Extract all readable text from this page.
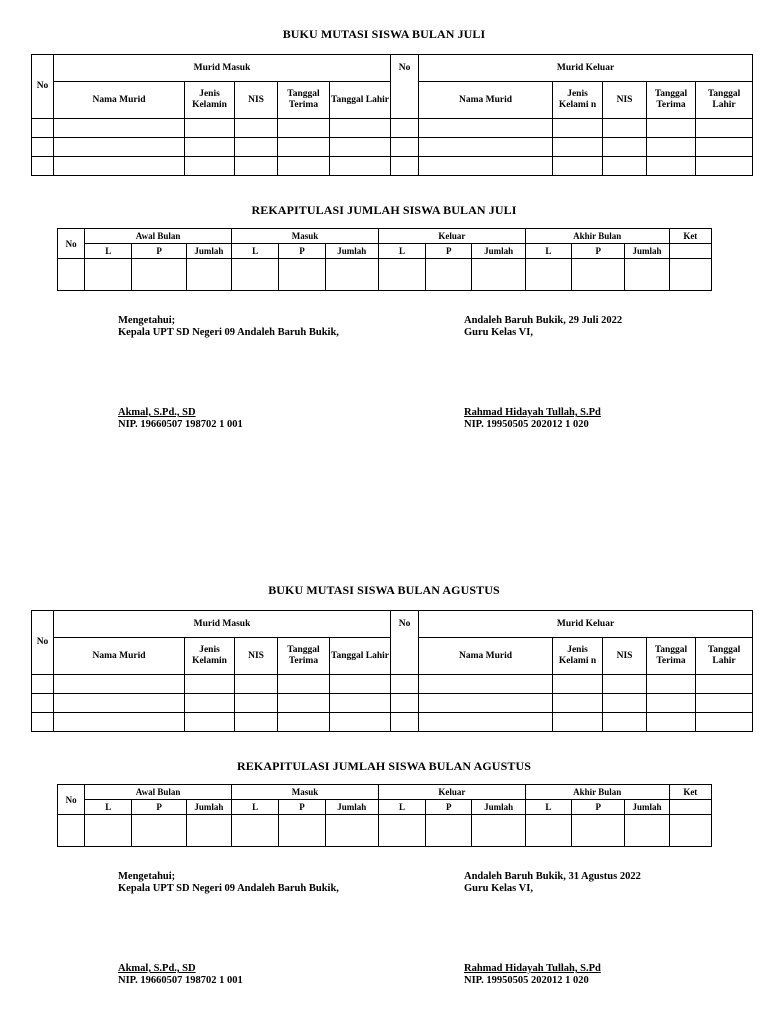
BUKU MUTASI SISWA BULAN JULI
No	Murid Masuk					No	Murid Keluar				
	Nama Murid	Jenis Kelamin	NIS	Tanggal Terima	Tanggal Lahir		Nama Murid	Jenis Kelami n	NIS	Tanggal Terima	Tanggal Lahir

REKAPITULASI JUMLAH SISWA BULAN JULI
No	Awal Bulan			Masuk			Keluar			Akhir Bulan			Ket
	L	P	Jumlah	L	P	Jumlah	L	P	Jumlah	L	P	Jumlah	

Mengetahui;
Kepala UPT SD Negeri 09 Andaleh Baruh Bukik,
Akmal, S.Pd., SD
NIP. 19660507 198702 1 001
Andaleh Baruh Bukik, 29 Juli 2022
Guru Kelas VI,
Rahmad Hidayah Tullah, S.Pd
NIP. 19950505 202012 1 020
BUKU MUTASI SISWA BULAN AGUSTUS
No	Murid Masuk					No	Murid Keluar				
	Nama Murid	Jenis Kelamin	NIS	Tanggal Terima	Tanggal Lahir		Nama Murid	Jenis Kelami n	NIS	Tanggal Terima	Tanggal Lahir

REKAPITULASI JUMLAH SISWA BULAN AGUSTUS
No	Awal Bulan			Masuk			Keluar			Akhir Bulan			Ket
	L	P	Jumlah	L	P	Jumlah	L	P	Jumlah	L	P	Jumlah	

Mengetahui;
Kepala UPT SD Negeri 09 Andaleh Baruh Bukik,
Akmal, S.Pd., SD
NIP. 19660507 198702 1 001
Andaleh Baruh Bukik, 31 Agustus 2022
Guru Kelas VI,
Rahmad Hidayah Tullah, S.Pd
NIP. 19950505 202012 1 020
